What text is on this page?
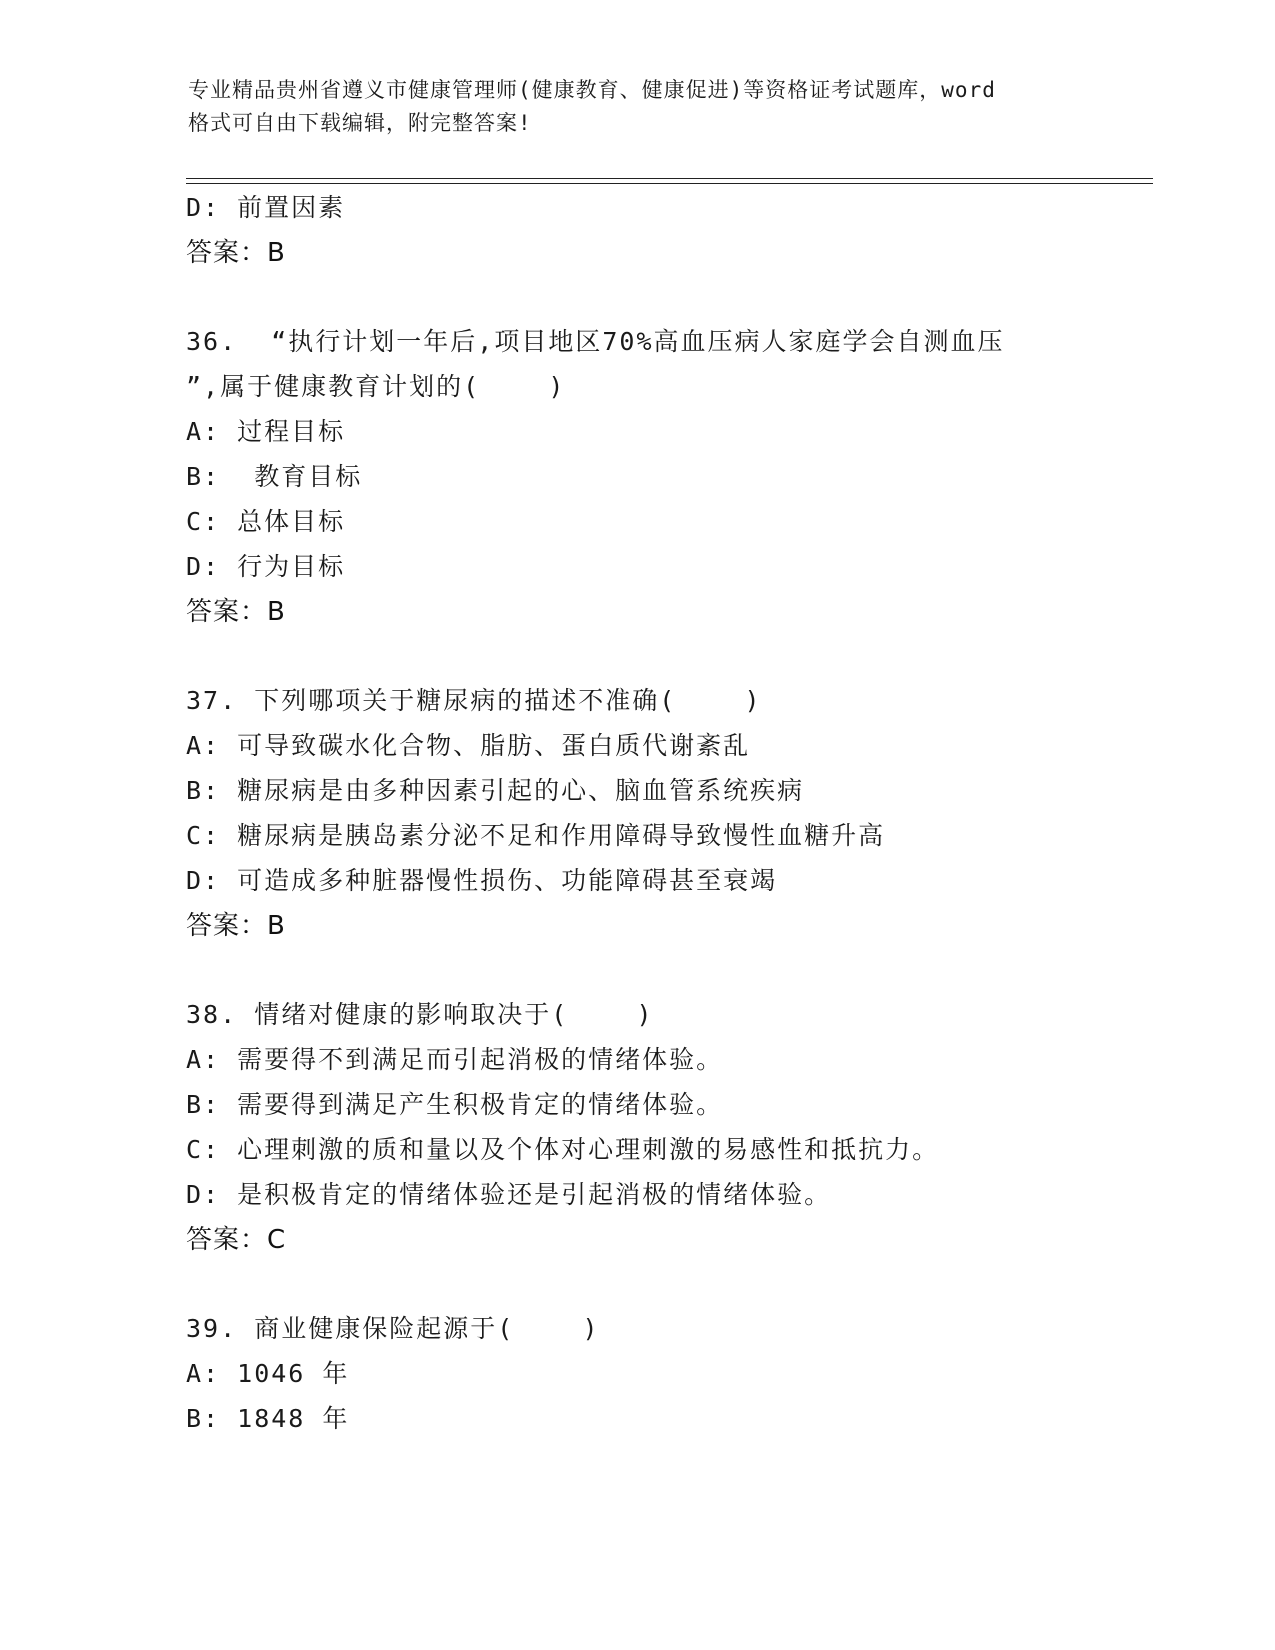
专业精品贵州省遵义市健康管理师(健康教育、健康促进)等资格证考试题库，word
格式可自由下载编辑，附完整答案!
D: 前置因素
答案：B
36.  “执行计划一年后,项目地区70%高血压病人家庭学会自测血压
”,属于健康教育计划的(    )
A: 过程目标
B:  教育目标
C: 总体目标
D: 行为目标
答案：B
37. 下列哪项关于糖尿病的描述不准确(    )
A: 可导致碳水化合物、脂肪、蛋白质代谢紊乱
B: 糖尿病是由多种因素引起的心、脑血管系统疾病
C: 糖尿病是胰岛素分泌不足和作用障碍导致慢性血糖升高
D: 可造成多种脏器慢性损伤、功能障碍甚至衰竭
答案：B
38. 情绪对健康的影响取决于(    )
A: 需要得不到满足而引起消极的情绪体验。
B: 需要得到满足产生积极肯定的情绪体验。
C: 心理刺激的质和量以及个体对心理刺激的易感性和抵抗力。
D: 是积极肯定的情绪体验还是引起消极的情绪体验。
答案：C
39. 商业健康保险起源于(    )
A: 1046 年
B: 1848 年
